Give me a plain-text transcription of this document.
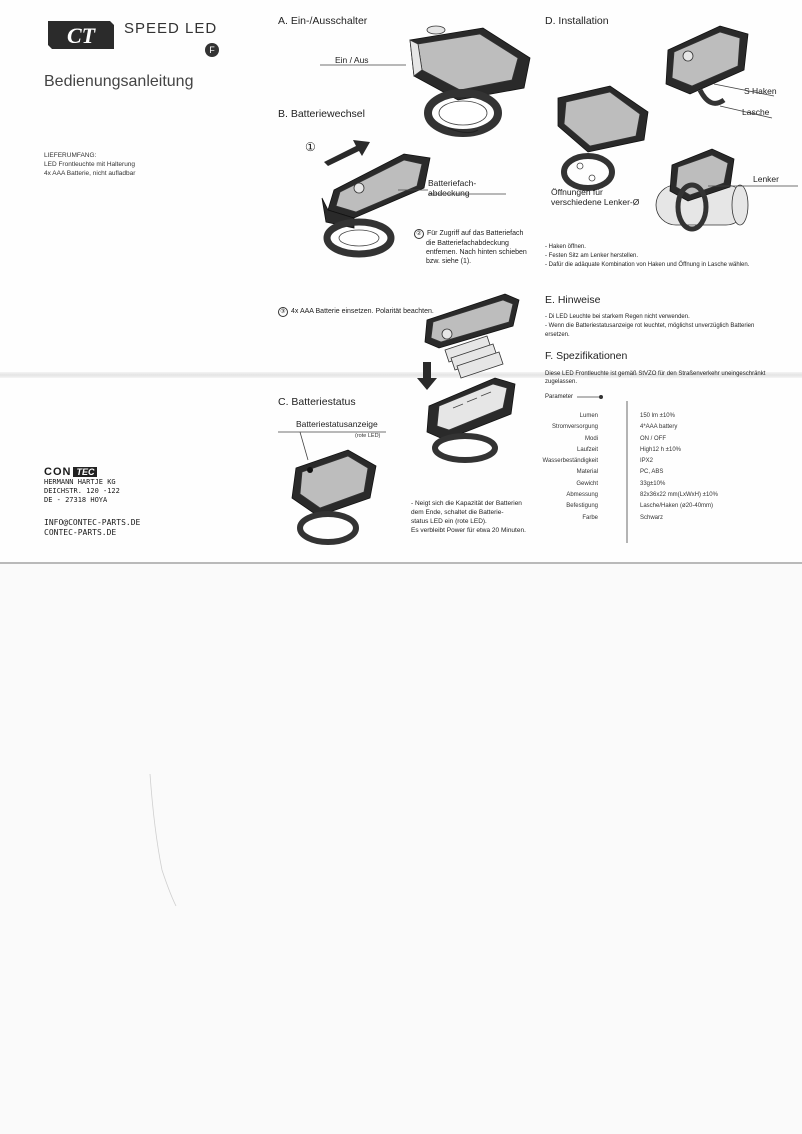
CT SPEED LED
F
Bedienungsanleitung
LIEFERUMFANG:
LED Frontleuchte mit Halterung
4x AAA Batterie, nicht aufladbar
CON TEC
HERMANN HARTJE KG
DEICHSTR. 120 -122
DE - 27318 HOYA
INFO@CONTEC-PARTS.DE
CONTEC-PARTS.DE
A. Ein-/Ausschalter
Ein / Aus
B. Batteriewechsel
①
Batteriefach-
abdeckung
② Für Zugriff auf das Batteriefach
die Batteriefachabdeckung
entfernen. Nach hinten schieben
bzw. siehe (1).
③ 4x AAA Batterie einsetzen. Polarität beachten.
C. Batteriestatus
Batteriestatusanzeige
(rote LED)
- Neigt sich die Kapazität der Batterien
dem Ende, schaltet die Batterie-
status LED ein (rote LED).
Es verbleibt Power für etwa 20 Minuten.
D. Installation
S Haken
Lasche
Öffnungen für
verschiedene Lenker-Ø
Lenker
- Haken öffnen.
- Festen Sitz am Lenker herstellen.
- Dafür die adäquate Kombination von Haken und Öffnung in Lasche wählen.
E. Hinweise
- Di LED Leuchte bei starkem Regen nicht verwenden.
- Wenn die Batteriestatusanzeige rot leuchtet, möglichst unverzüglich Batterien
ersetzen.
F. Spezifikationen
Diese LED Frontleuchte ist gemäß StVZO für den Straßenverkehr uneingeschränkt
zugelassen.
Parameter
Lumen	150 lm ±10%
Stromversorgung	4*AAA battery
Modi	ON / OFF
Laufzeit	High12 h ±10%
Wasserbeständigkeit	IPX2
Material	PC, ABS
Gewicht	33g±10%
Abmessung	82x36x22 mm(LxWxH) ±10%
Befestigung	Lasche/Haken (ø20-40mm)
Farbe	Schwarz
